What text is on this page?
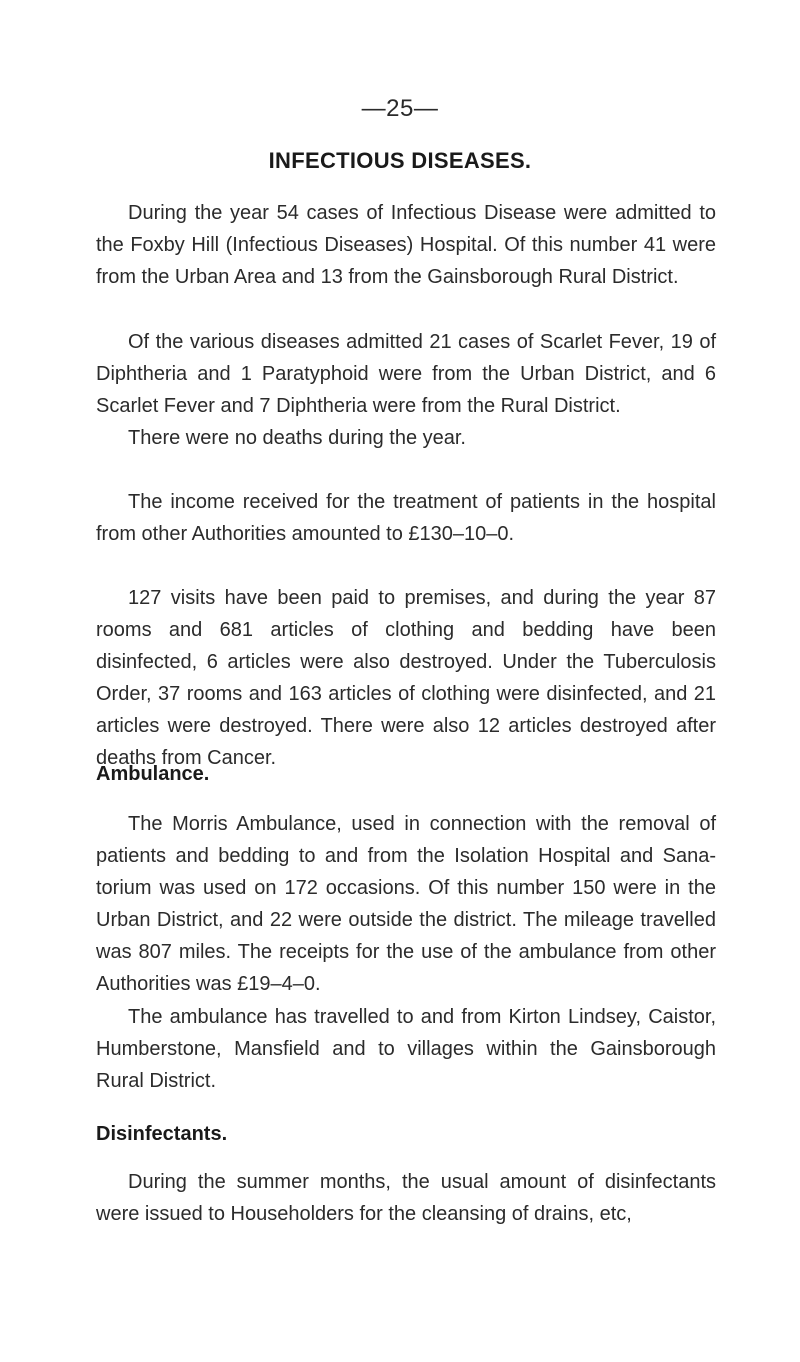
—25—
INFECTIOUS DISEASES.

During the year 54 cases of Infectious Disease were admitted to the Foxby Hill (Infectious Diseases) Hospital. Of this number 41 were from the Urban Area and 13 from the Gainsborough Rural District.

Of the various diseases admitted 21 cases of Scarlet Fever, 19 of Diphtheria and 1 Paratyphoid were from the Urban District, and 6 Scarlet Fever and 7 Diphtheria were from the Rural District.

There were no deaths during the year.

The income received for the treatment of patients in the hospital from other Authorities amounted to £130–10–0.

127 visits have been paid to premises, and during the year 87 rooms and 681 articles of clothing and bedding have been disinfected, 6 articles were also destroyed. Under the Tuberculosis Order, 37 rooms and 163 articles of clothing were disinfected, and 21 articles were destroyed. There were also 12 articles destroyed after deaths from Cancer.

Ambulance.

The Morris Ambulance, used in connection with the removal of patients and bedding to and from the Isolation Hospital and Sana-torium was used on 172 occasions. Of this number 150 were in the Urban District, and 22 were outside the district. The mileage travelled was 807 miles. The receipts for the use of the ambulance from other Authorities was £19–4–0.

The ambulance has travelled to and from Kirton Lindsey, Caistor, Humberstone, Mansfield and to villages within the Gainsborough Rural District.

Disinfectants.

During the summer months, the usual amount of disinfectants were issued to Householders for the cleansing of drains, etc,
